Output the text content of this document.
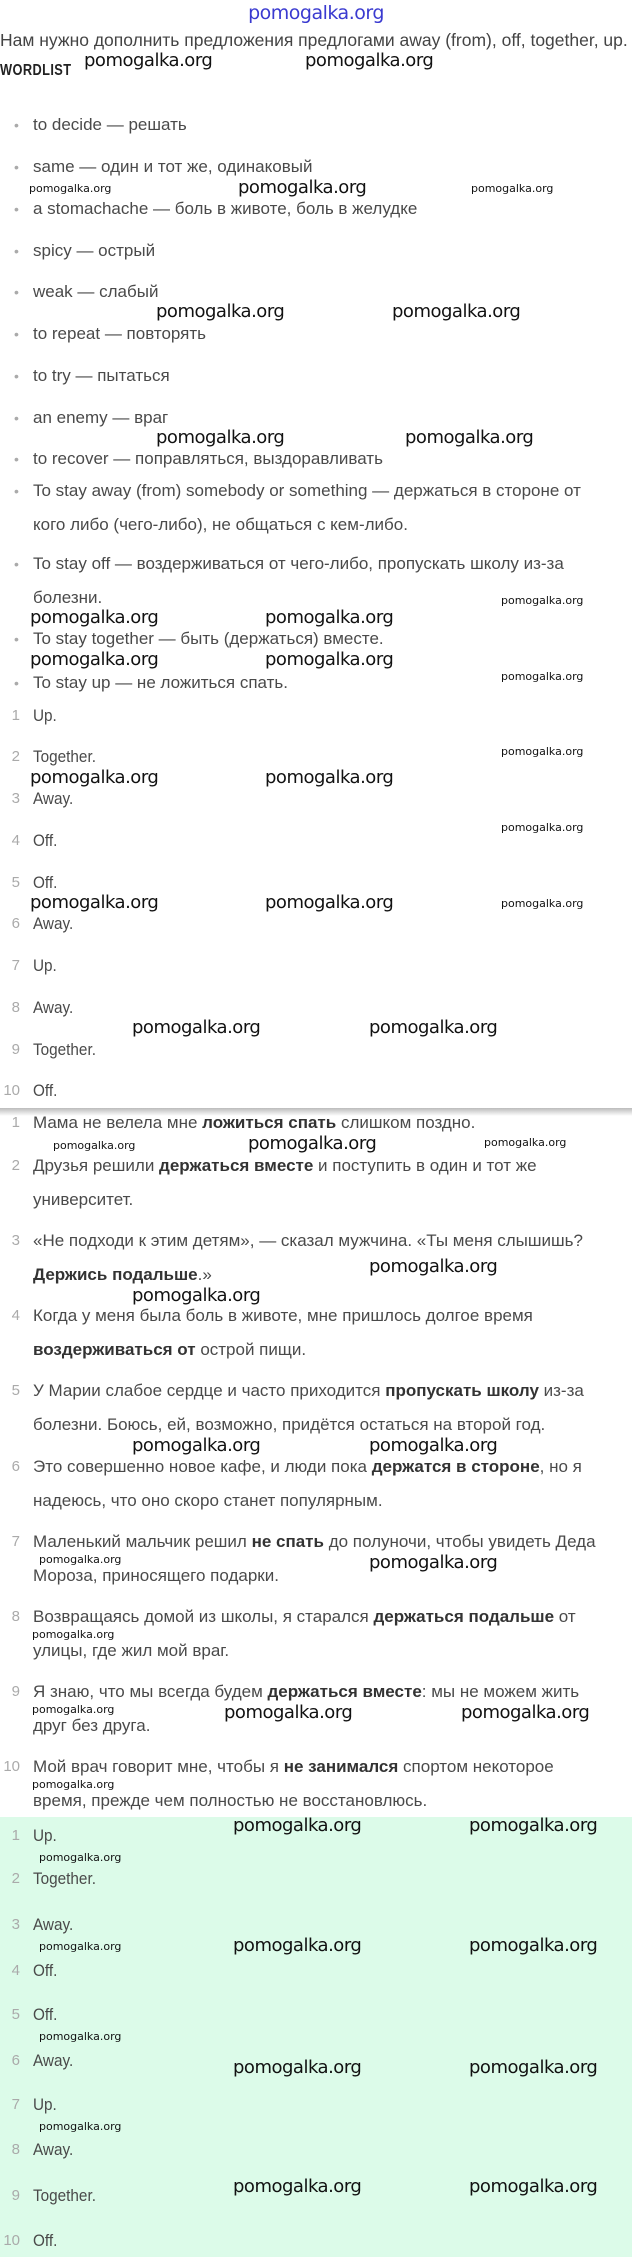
pomogalka.org
Нам нужно дополнить предложения предлогами away (from), off, together, up.
WORDLIST
• to decide — решать
• same — один и тот же, одинаковый
• a stomachache — боль в животе, боль в желудке
• spicy — острый
• weak — слабый
• to repeat — повторять
• to try — пытаться
• an enemy — враг
• to recover — поправляться, выздоравливать
• To stay away (from) somebody or something — держаться в стороне от кого либо (чего-либо), не общаться с кем-либо.
• To stay off — воздерживаться от чего-либо, пропускать школу из-за болезни.
• To stay together — быть (держаться) вместе.
• To stay up — не ложиться спать.
1 Up.
2 Together.
3 Away.
4 Off.
5 Off.
6 Away.
7 Up.
8 Away.
9 Together.
10 Off.
1 Мама не велела мне ложиться спать слишком поздно.
2 Друзья решили держаться вместе и поступить в один и тот же университет.
3 «Не подходи к этим детям», — сказал мужчина. «Ты меня слышишь? Держись подальше.»
4 Когда у меня была боль в животе, мне пришлось долгое время воздерживаться от острой пищи.
5 У Марии слабое сердце и часто приходится пропускать школу из-за болезни. Боюсь, ей, возможно, придётся остаться на второй год.
6 Это совершенно новое кафе, и люди пока держатся в стороне, но я надеюсь, что оно скоро станет популярным.
7 Маленький мальчик решил не спать до полуночи, чтобы увидеть Деда Мороза, приносящего подарки.
8 Возвращаясь домой из школы, я старался держаться подальше от улицы, где жил мой враг.
9 Я знаю, что мы всегда будем держаться вместе: мы не можем жить друг без друга.
10 Мой врач говорит мне, чтобы я не занимался спортом некоторое время, прежде чем полностью не восстановлюсь.
1 Up.
2 Together.
3 Away.
4 Off.
5 Off.
6 Away.
7 Up.
8 Away.
9 Together.
10 Off.
pomogalka.org	pomogalka.org
pomogalka.org
pomogalka.org	pomogalka.org
pomogalka.org	pomogalka.org
pomogalka.org	pomogalka.org
pomogalka.org	pomogalka.org
pomogalka.org	pomogalka.org
pomogalka.org	pomogalka.org
pomogalka.org	pomogalka.org
pomogalka.org
pomogalka.org
pomogalka.org
pomogalka.org
pomogalka.org
pomogalka.org
pomogalka.org	pomogalka.org
pomogalka.org	pomogalka.org
pomogalka.org	pomogalka.org
pomogalka.org	pomogalka.org
pomogalka.org	pomogalka.org
pomogalka.org	pomogalka.org
pomogalka.org
pomogalka.org
pomogalka.org
pomogalka.org
pomogalka.org
pomogalka.org	pomogalka.org
pomogalka.org
pomogalka.org
pomogalka.org
pomogalka.org
pomogalka.org
pomogalka.org
pomogalka.org
pomogalka.org
